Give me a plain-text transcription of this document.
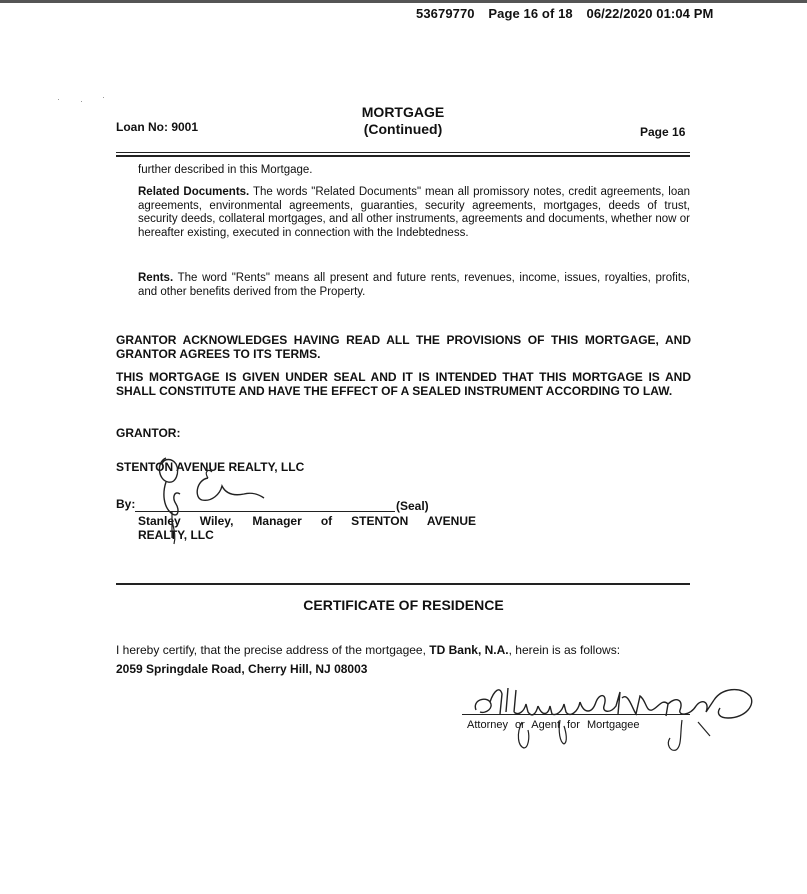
53679770 Page 16 of 18 06/22/2020 01:04 PM
MORTGAGE
(Continued)
Loan No: 9001	Page 16
further described in this Mortgage.
Related Documents. The words "Related Documents" mean all promissory notes, credit agreements, loan agreements, environmental agreements, guaranties, security agreements, mortgages, deeds of trust, security deeds, collateral mortgages, and all other instruments, agreements and documents, whether now or hereafter existing, executed in connection with the Indebtedness.
Rents. The word "Rents" means all present and future rents, revenues, income, issues, royalties, profits, and other benefits derived from the Property.
GRANTOR ACKNOWLEDGES HAVING READ ALL THE PROVISIONS OF THIS MORTGAGE, AND GRANTOR AGREES TO ITS TERMS.
THIS MORTGAGE IS GIVEN UNDER SEAL AND IT IS INTENDED THAT THIS MORTGAGE IS AND SHALL CONSTITUTE AND HAVE THE EFFECT OF A SEALED INSTRUMENT ACCORDING TO LAW.
GRANTOR:
STENTON AVENUE REALTY, LLC
By:	(Seal)
Stanley Wiley, Manager of STENTON AVENUE
REALTY, LLC
CERTIFICATE OF RESIDENCE
I hereby certify, that the precise address of the mortgagee, TD Bank, N.A., herein is as follows:
2059 Springdale Road, Cherry Hill, NJ 08003
Attorney or Agent for Mortgagee
